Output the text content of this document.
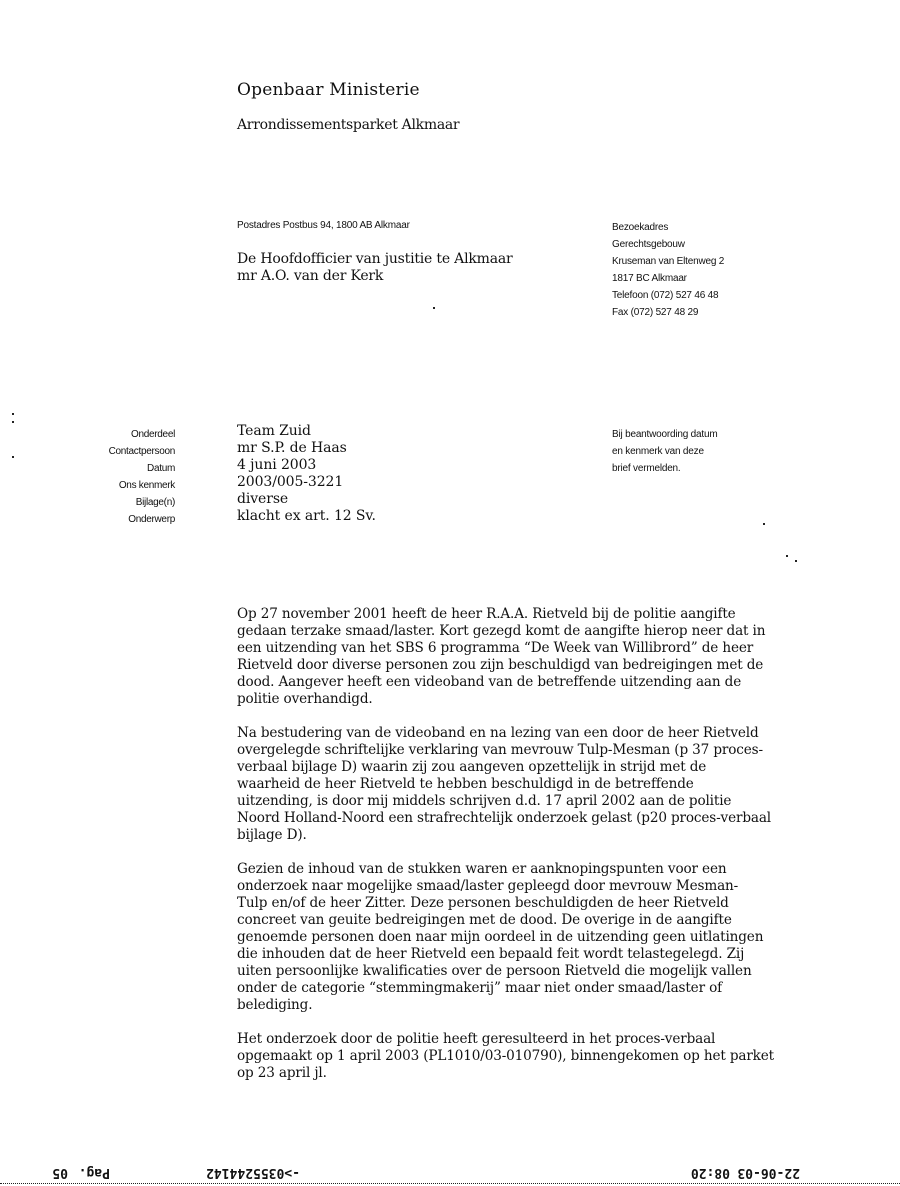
Openbaar Ministerie
Arrondissementsparket Alkmaar
Postadres Postbus 94, 1800 AB Alkmaar
De Hoofdofficier van justitie te Alkmaar
mr A.O. van der Kerk
Bezoekadres
Gerechtsgebouw
Kruseman van Eltenweg 2
1817 BC Alkmaar
Telefoon (072) 527 46 48
Fax (072) 527 48 29
Onderdeel
Contactpersoon
Datum
Ons kenmerk
Bijlage(n)
Onderwerp
Team Zuid
mr S.P. de Haas
4 juni 2003
2003/005-3221
diverse
klacht ex art. 12 Sv.
Bij beantwoording datum
en kenmerk van deze
brief vermelden.
Op 27 november 2001 heeft de heer R.A.A. Rietveld bij de politie aangifte
gedaan terzake smaad/laster. Kort gezegd komt de aangifte hierop neer dat in
een uitzending van het SBS 6 programma “De Week van Willibrord” de heer
Rietveld door diverse personen zou zijn beschuldigd van bedreigingen met de
dood. Aangever heeft een videoband van de betreffende uitzending aan de
politie overhandigd.
Na bestudering van de videoband en na lezing van een door de heer Rietveld
overgelegde schriftelijke verklaring van mevrouw Tulp-Mesman (p 37 proces-
verbaal bijlage D) waarin zij zou aangeven opzettelijk in strijd met de
waarheid de heer Rietveld te hebben beschuldigd in de betreffende
uitzending, is door mij middels schrijven d.d. 17 april 2002 aan de politie
Noord Holland-Noord een strafrechtelijk onderzoek gelast (p20 proces-verbaal
bijlage D).
Gezien de inhoud van de stukken waren er aanknopingspunten voor een
onderzoek naar mogelijke smaad/laster gepleegd door mevrouw Mesman-
Tulp en/of de heer Zitter. Deze personen beschuldigden de heer Rietveld
concreet van geuite bedreigingen met de dood. De overige in de aangifte
genoemde personen doen naar mijn oordeel in de uitzending geen uitlatingen
die inhouden dat de heer Rietveld een bepaald feit wordt telastegelegd. Zij
uiten persoonlijke kwalificaties over de persoon Rietveld die mogelijk vallen
onder de categorie “stemmingmakerij” maar niet onder smaad/laster of
belediging.
Het onderzoek door de politie heeft geresulteerd in het proces-verbaal
opgemaakt op 1 april 2003 (PL1010/03-010790), binnengekomen op het parket
op 23 april jl.
22-06-03
08:20
->0355244142
Pag.
05
